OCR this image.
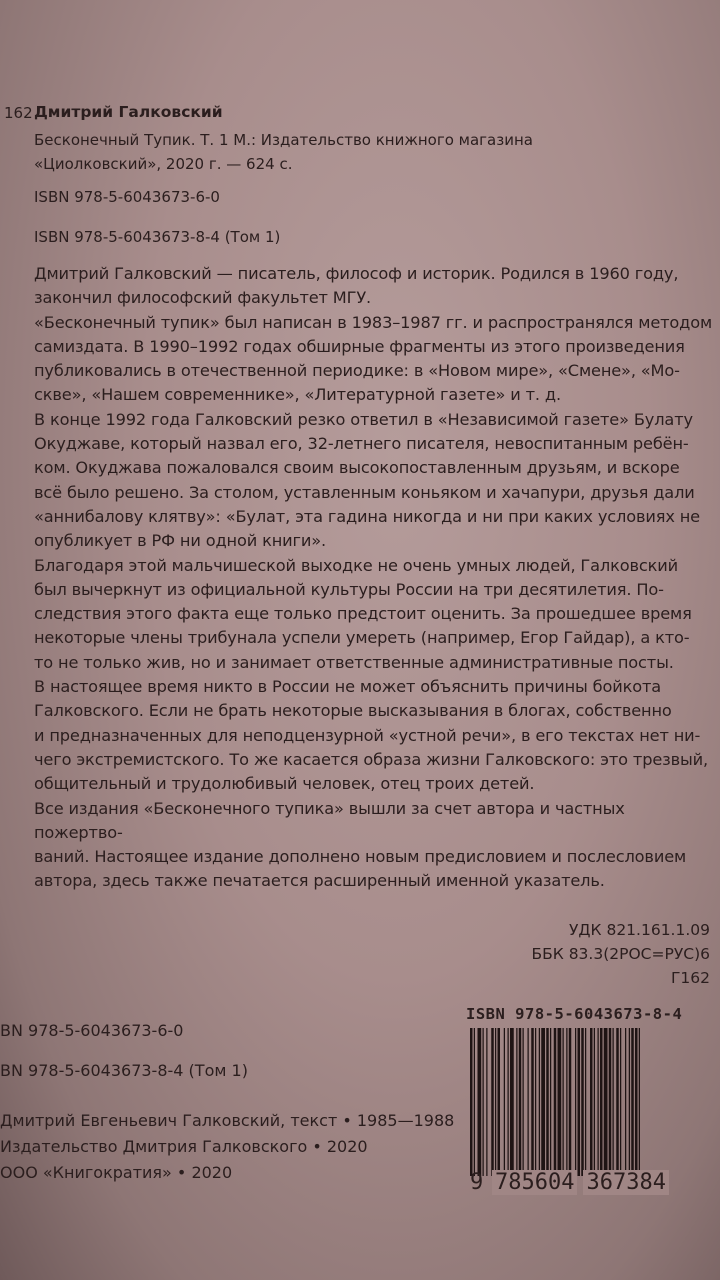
162 Дмитрий Галковский
Бесконечный Тупик. Т. 1 М.: Издательство книжного магазина
«Циолковский», 2020 г. — 624 с.
ISBN 978-5-6043673-6-0
ISBN 978-5-6043673-8-4 (Том 1)

Дмитрий Галковский — писатель, философ и историк. Родился в 1960 году,

закончил философский факультет МГУ.

«Бесконечный тупик» был написан в 1983–1987 гг. и распространялся методом

самиздата. В 1990–1992 годах обширные фрагменты из этого произведения

публиковались в отечественной периодике: в «Новом мире», «Смене», «Мо-

скве», «Нашем современнике», «Литературной газете» и т. д.

В конце 1992 года Галковский резко ответил в «Независимой газете» Булату

Окуджаве, который назвал его, 32-летнего писателя, невоспитанным ребён-

ком. Окуджава пожаловался своим высокопоставленным друзьям, и вскоре

всё было решено. За столом, уставленным коньяком и хачапури, друзья дали

«аннибалову клятву»: «Булат, эта гадина никогда и ни при каких условиях не

опубликует в РФ ни одной книги».

Благодаря этой мальчишеской выходке не очень умных людей, Галковский

был вычеркнут из официальной культуры России на три десятилетия. По-

следствия этого факта еще только предстоит оценить. За прошедшее время

некоторые члены трибунала успели умереть (например, Егор Гайдар), а кто-

то не только жив, но и занимает ответственные административные посты.

В настоящее время никто в России не может объяснить причины бойкота

Галковского. Если не брать некоторые высказывания в блогах, собственно

и предназначенных для неподцензурной «устной речи», в его текстах нет ни-

чего экстремистского. То же касается образа жизни Галковского: это трезвый,

общительный и трудолюбивый человек, отец троих детей.

Все издания «Бесконечного тупика» вышли за счет автора и частных пожертво-

ваний. Настоящее издание дополнено новым предисловием и послесловием

автора, здесь также печатается расширенный именной указатель.

УДК 821.161.1.09
ББК 83.3(2РОС=РУС)6
Г162
ISBN 978-5-6043673-8-4
9 785604 367384
BN 978-5-6043673-6-0
BN 978-5-6043673-8-4 (Том 1)
Дмитрий Евгеньевич Галковский, текст • 1985—1988
Издательство Дмитрия Галковского • 2020
ООО «Книгократия» • 2020
